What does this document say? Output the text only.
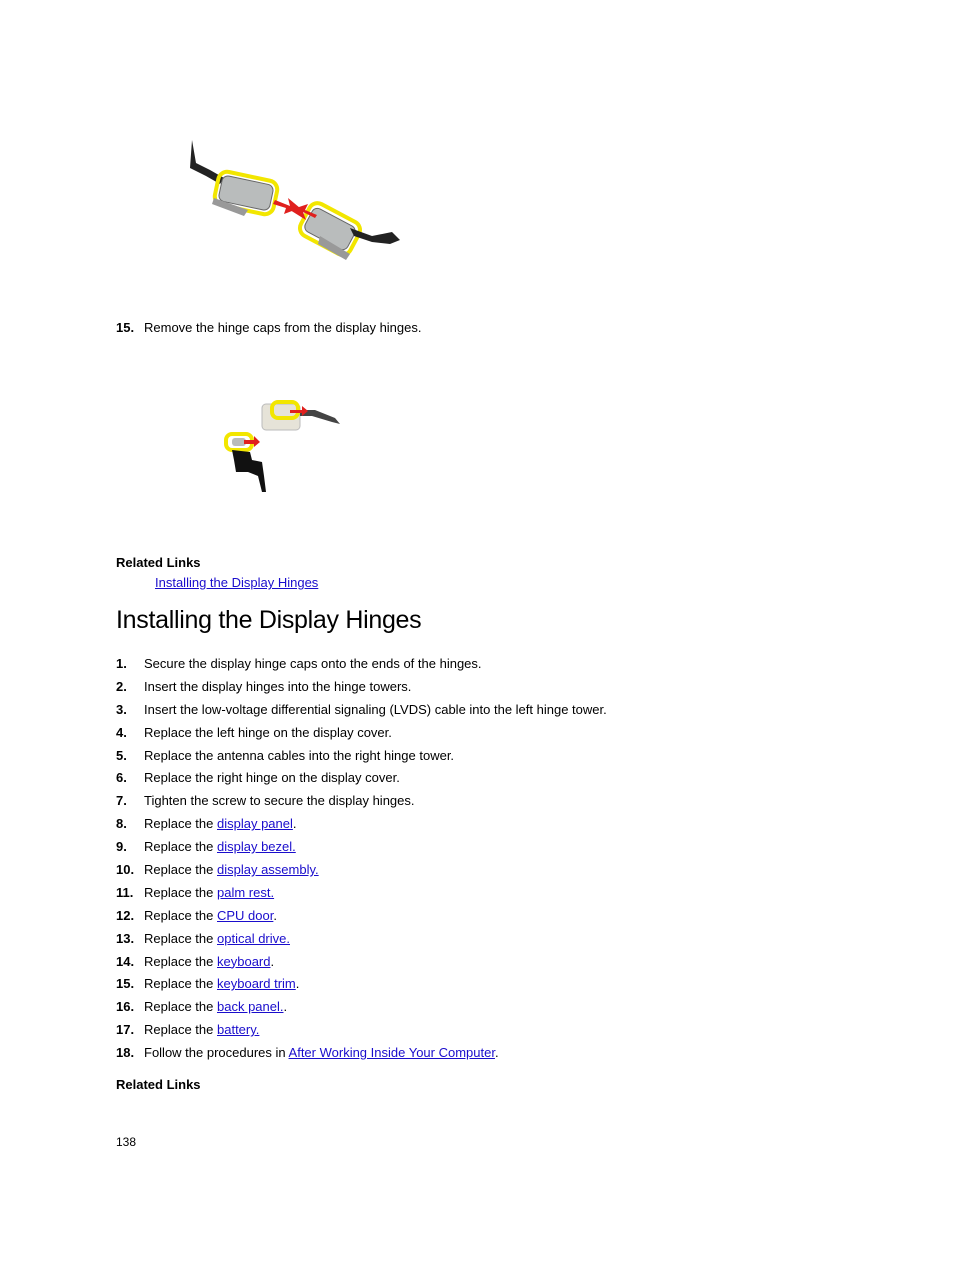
15. Remove the hinge caps from the display hinges.
Related Links
Installing the Display Hinges
Installing the Display Hinges
1. Secure the display hinge caps onto the ends of the hinges.
2. Insert the display hinges into the hinge towers.
3. Insert the low-voltage differential signaling (LVDS) cable into the left hinge tower.
4. Replace the left hinge on the display cover.
5. Replace the antenna cables into the right hinge tower.
6. Replace the right hinge on the display cover.
7. Tighten the screw to secure the display hinges.
8. Replace the display panel.
9. Replace the display bezel.
10. Replace the display assembly.
11. Replace the palm rest.
12. Replace the CPU door.
13. Replace the optical drive.
14. Replace the keyboard.
15. Replace the keyboard trim.
16. Replace the back panel..
17. Replace the battery.
18. Follow the procedures in After Working Inside Your Computer.
Related Links
138
